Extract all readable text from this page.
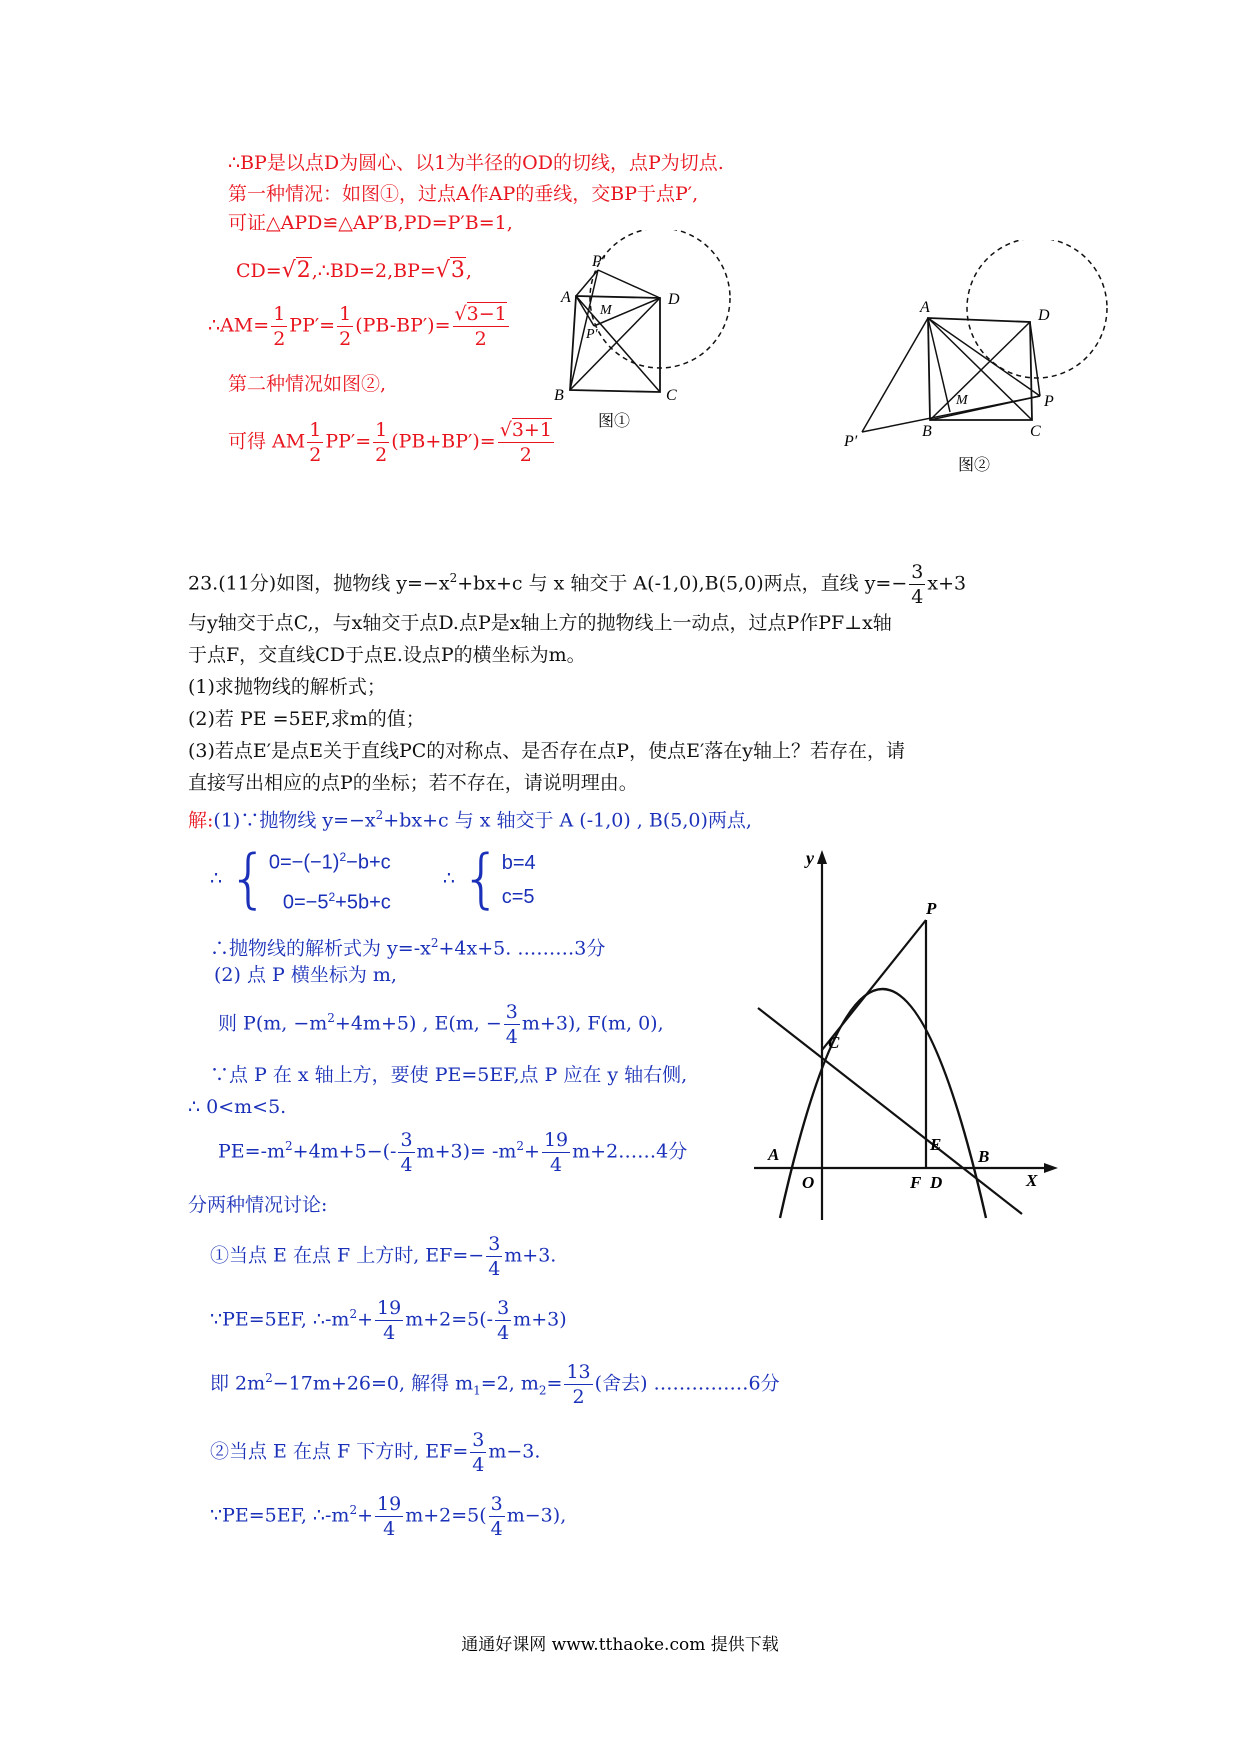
∴BP是以点D为圆心、以1为半径的OD的切线，点P为切点.
第一种情况：如图①，过点A作AP的垂线，交BP于点P′,
可证△APD≌△AP′B,PD=P′B=1,
CD=√2,∴BD=2,BP=√3,
∴AM= $\frac{1}{2} PP'= \frac{1}{2} (PB-BP')= \frac{√3-1}{2}$
第二种情况如图②,
可得 AM $\frac{1}{2} PP'= \frac{1}{2} (PB+BP')= \frac{√3+1}{2}$
A
P′
M
P′
D
B	C
图①
A	D
P
M
B	C
P′
图②
23.(11分)如图，抛物线 $y=-x^2+bx+c$ 与 x 轴交于 A(-1,0),B(5,0)两点，直线 $y=- \frac{3}{4} x+3$
与y轴交于点C,，与x轴交于点D.点P是x轴上方的抛物线上一动点，过点P作PF⊥x轴
于点F，交直线CD于点E.设点P的横坐标为m。
(1)求抛物线的解析式；
(2)若 PE =5EF,求m的值；
(3)若点E′是点E关于直线PC的对称点、是否存在点P，使点E′落在y轴上？若存在，请
直接写出相应的点P的坐标；若不存在，请说明理由。
解:(1)∵抛物线 $y=-x^2+bx+c$ 与 x 轴交于 A (-1,0) , B(5,0)两点,
∴ { $0=-(-1)^2-b+c$
$0=-5^2+5b+c$
∴ { b=4
c=5
∴抛物线的解析式为 $y=-x^2+4x+5$. ………3分
(2) 点 P 横坐标为 m,
则 P(m, $-m^2+4m+5$) , E(m, − $\frac{3}{4} m+3$), F(m, 0),
∵点 P 在 x 轴上方，要使 PE=5EF,点 P 应在 y 轴右侧,
∴ 0<m<5.
$PE=-m^2+4m+5-(- \frac{3}{4} m+3)= -m^2+ \frac{19}{4}$ m+2……4分
分两种情况讨论:
①当点 E 在点 F 上方时, $EF=- \frac{3}{4} m+3$.
∵PE=5EF, $\therefore-m^2+ \frac{19}{4} m+2=5(- \frac{3}{4} m+3)$
即 $2m^2-17m+26=0$, 解得 $m_1=2$, $m_2= \frac{13}{2}$ (舍去) ……………6分
②当点 E 在点 F 下方时, $EF= \frac{3}{4} m-3$.
∵PE=5EF, $\therefore-m^2+ \frac{19}{4} m+2=5( \frac{3}{4} m-3)$,
y
X
O
A	B
C
D
E
F
P
通通好课网 www.tthaoke.com 提供下载
